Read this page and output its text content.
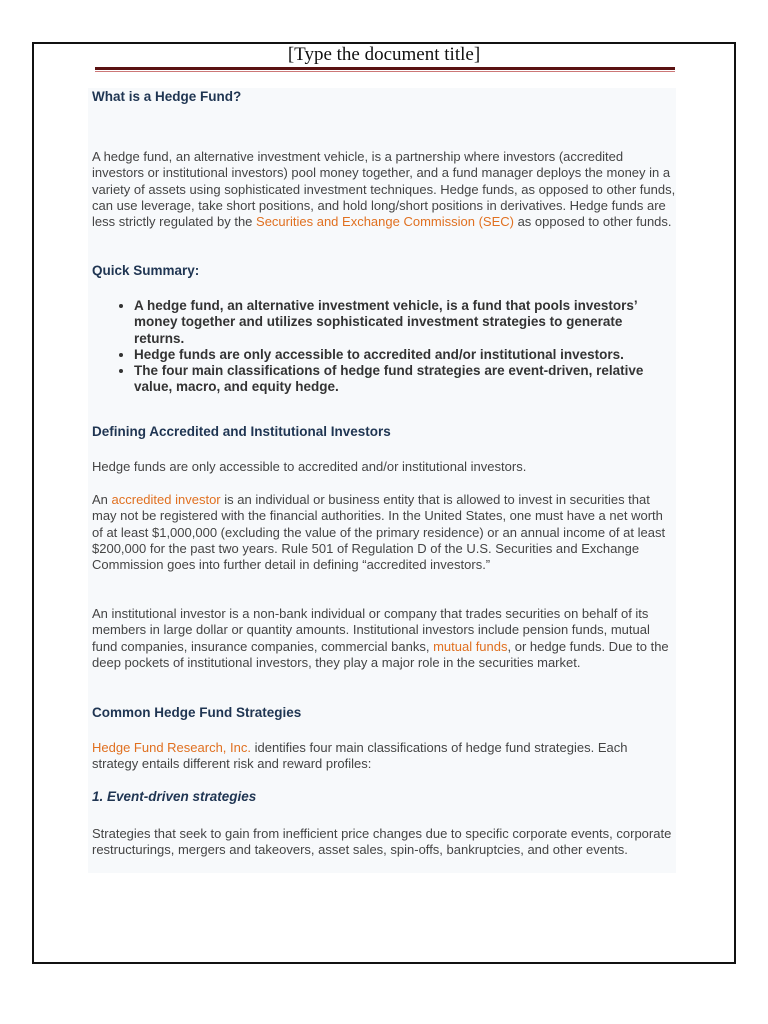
[Type the document title]
What is a Hedge Fund?
A hedge fund, an alternative investment vehicle, is a partnership where investors (accredited investors or institutional investors) pool money together, and a fund manager deploys the money in a variety of assets using sophisticated investment techniques. Hedge funds, as opposed to other funds, can use leverage, take short positions, and hold long/short positions in derivatives. Hedge funds are less strictly regulated by the Securities and Exchange Commission (SEC) as opposed to other funds.
Quick Summary:
• A hedge fund, an alternative investment vehicle, is a fund that pools investors’ money together and utilizes sophisticated investment strategies to generate returns.
• Hedge funds are only accessible to accredited and/or institutional investors.
• The four main classifications of hedge fund strategies are event-driven, relative value, macro, and equity hedge.
Defining Accredited and Institutional Investors
Hedge funds are only accessible to accredited and/or institutional investors.
An accredited investor is an individual or business entity that is allowed to invest in securities that may not be registered with the financial authorities. In the United States, one must have a net worth of at least $1,000,000 (excluding the value of the primary residence) or an annual income of at least $200,000 for the past two years. Rule 501 of Regulation D of the U.S. Securities and Exchange Commission goes into further detail in defining “accredited investors.”
An institutional investor is a non-bank individual or company that trades securities on behalf of its members in large dollar or quantity amounts. Institutional investors include pension funds, mutual fund companies, insurance companies, commercial banks, mutual funds, or hedge funds. Due to the deep pockets of institutional investors, they play a major role in the securities market.
Common Hedge Fund Strategies
Hedge Fund Research, Inc. identifies four main classifications of hedge fund strategies. Each strategy entails different risk and reward profiles:
1. Event-driven strategies
Strategies that seek to gain from inefficient price changes due to specific corporate events, corporate restructurings, mergers and takeovers, asset sales, spin-offs, bankruptcies, and other events.
